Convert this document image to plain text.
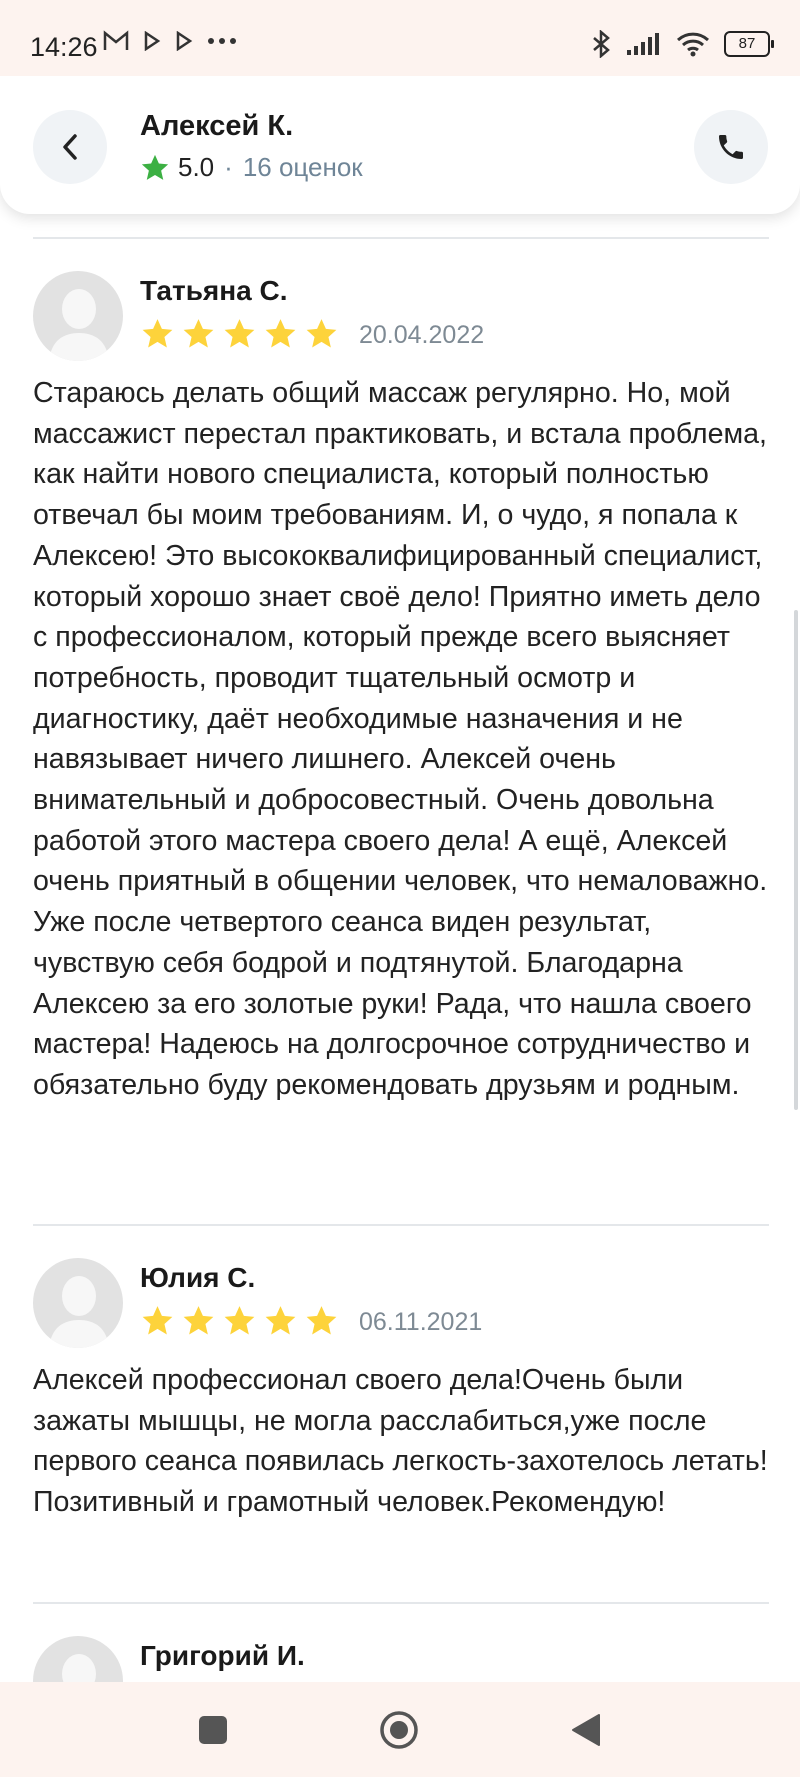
14:26	87
Алексей К.
5.0 · 16 оценок
Татьяна С.
20.04.2022
Стараюсь делать общий массаж регулярно. Но, мой массажист перестал практиковать, и встала проблема, как найти нового специалиста, который полностью отвечал бы моим требованиям. И, о чудо, я попала к Алексею! Это высококвалифицированный специалист, который хорошо знает своё дело! Приятно иметь дело с профессионалом, который прежде всего выясняет потребность, проводит тщательный осмотр и диагностику, даёт необходимые назначения и не навязывает ничего лишнего. Алексей очень внимательный и добросовестный. Очень довольна работой этого мастера своего дела! А ещё, Алексей очень приятный в общении человек, что немаловажно. Уже после четвертого сеанса виден результат, чувствую себя бодрой и подтянутой. Благодарна Алексею за его золотые руки! Рада, что нашла своего мастера! Надеюсь на долгосрочное сотрудничество и обязательно буду рекомендовать друзьям и родным.
Юлия С.
06.11.2021
Алексей профессионал своего дела!Очень были зажаты мышцы, не могла расслабиться,уже после первого сеанса появилась легкость-захотелось летать!Позитивный и грамотный человек.Рекомендую!
Григорий И.
